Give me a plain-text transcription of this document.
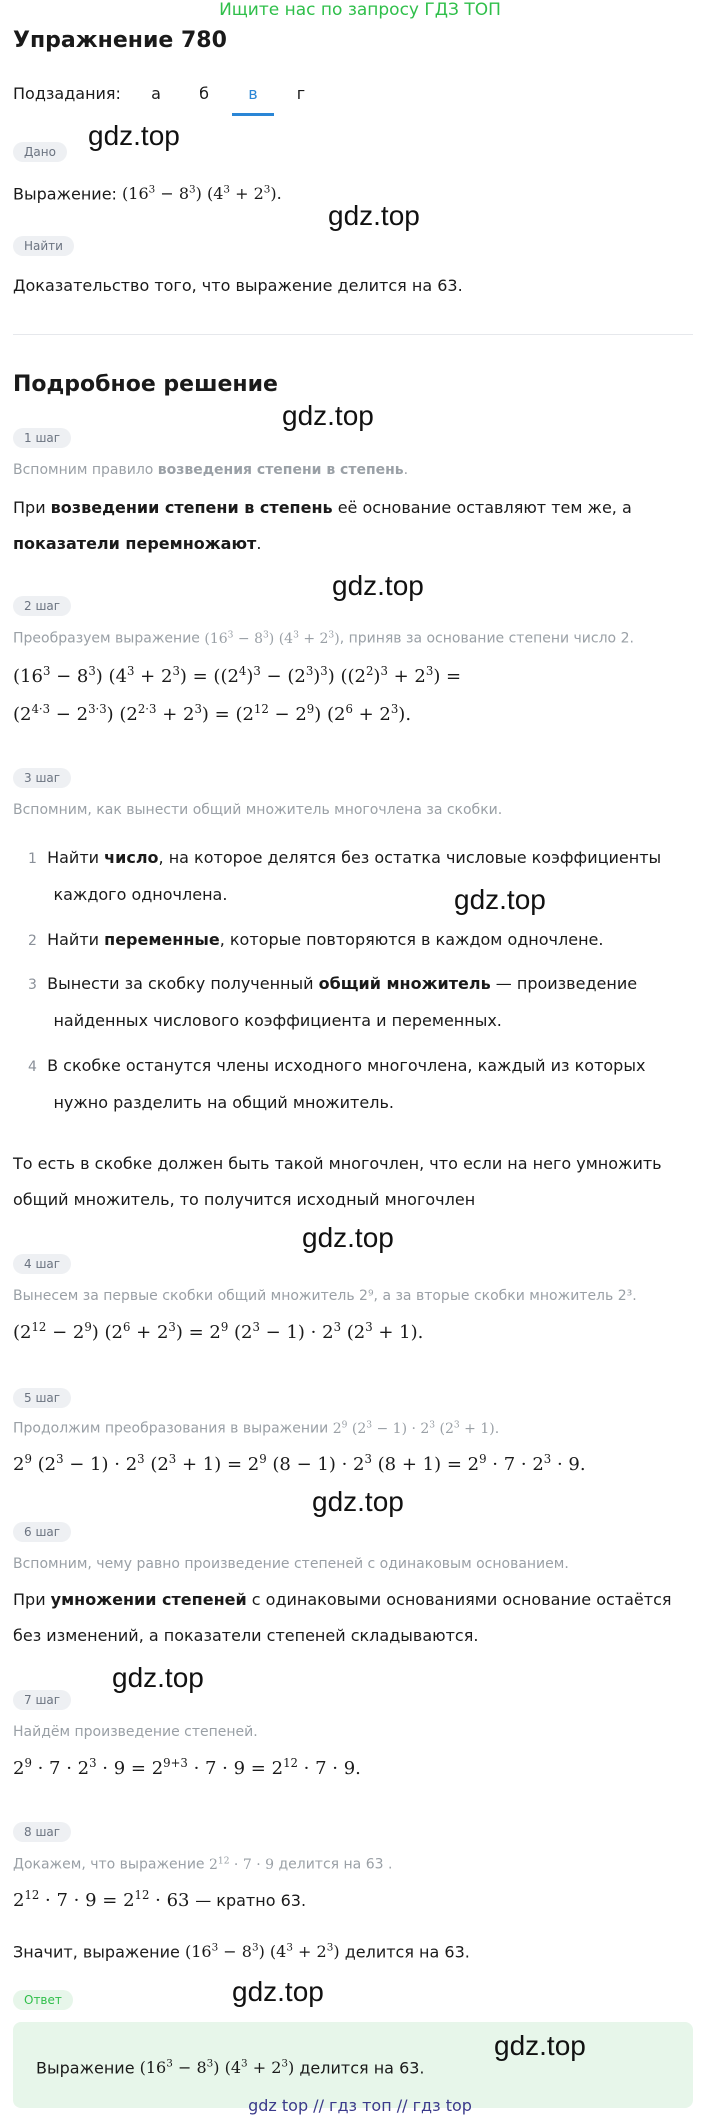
Ищите нас по запросу ГДЗ ТОП
Упражнение 780
Подзадания:	а	б	в	г
gdz.top
Дано
Выражение: $(16^3 - 8^3) (4^3 + 2^3)$.
gdz.top
Найти
Доказательство того, что выражение делится на 63.
Подробное решение
gdz.top
1 шаг
Вспомним правило возведения степени в степень.
При возведении степени в степень её основание оставляют тем же, а
показатели перемножают.
gdz.top
2 шаг
Преобразуем выражение $(16^3 - 8^3) (4^3 + 2^3)$, приняв за основание степени число 2.
$(16^3 - 8^3) (4^3 + 2^3) = ((2^4)^3 - (2^3)^3) ((2^2)^3 + 2^3)$ =
$(2^{4\cdot 3} - 2^{3\cdot 3}) (2^{2\cdot 3} + 2^3) = (2^{12} - 2^9) (2^6 + 2^3)$.
3 шаг
Вспомним, как вынести общий множитель многочлена за скобки.
1 Найти число, на которое делятся без остатка числовые коэффициенты
каждого одночлена.	gdz.top
2 Найти переменные, которые повторяются в каждом одночлене.
3 Вынести за скобку полученный общий множитель — произведение
найденных числового коэффициента и переменных.
4 В скобке останутся члены исходного многочлена, каждый из которых
нужно разделить на общий множитель.
То есть в скобке должен быть такой многочлен, что если на него умножить
общий множитель, то получится исходный многочлен
gdz.top
4 шаг
Вынесем за первые скобки общий множитель 2⁹, а за вторые скобки множитель 2³.
$(2^{12} - 2^9) (2^6 + 2^3) = 2^9$ $(2^3 - 1) \cdot 2^3$ $(2^3 + 1)$.
5 шаг
Продолжим преобразования в выражении $2^9$ $(2^3 - 1) \cdot 2^3$ $(2^3 + 1)$.
$2^9$ $(2^3 - 1) \cdot 2^3$ $(2^3 + 1) = 2^9$ $(8 - 1) \cdot 2^3$ $(8 + 1) = 2^9 \cdot 7 \cdot 2^3 \cdot 9$.
gdz.top
6 шаг
Вспомним, чему равно произведение степеней с одинаковым основанием.
При умножении степеней с одинаковыми основаниями основание остаётся
без изменений, а показатели степеней складываются.
gdz.top
7 шаг
Найдём произведение степеней.
$2^9 \cdot 7 \cdot 2^3 \cdot 9 = 2^{9+3} \cdot 7 \cdot 9 = 2^{12} \cdot 7 \cdot 9$.
8 шаг
Докажем, что выражение $2^{12} \cdot 7 \cdot 9$ делится на 63 .
$2^{12} \cdot 7 \cdot 9 = 2^{12} \cdot 63$ — кратно 63.
Значит, выражение $(16^3 - 8^3) (4^3 + 2^3)$ делится на 63.
gdz.top
Ответ
Выражение $(16^3 - 8^3) (4^3 + 2^3)$ делится на 63.
gdz.top
gdz top // гдз топ // гдз top
